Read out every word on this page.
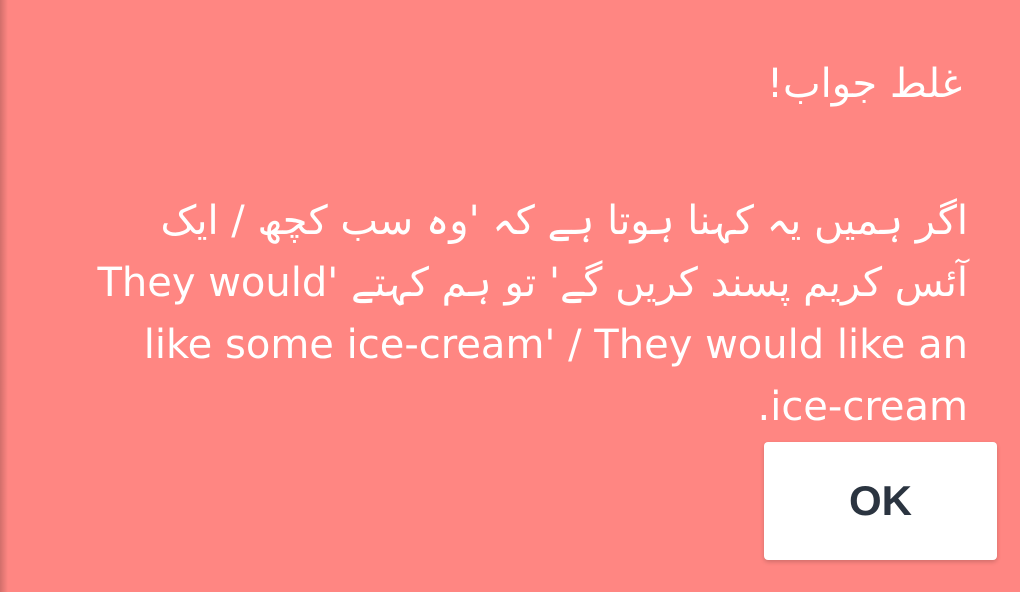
غلط جواب!
اگر ہمیں یہ کہنا ہوتا ہے کہ 'وہ سب کچھ / ایک آئس کریم پسند کریں گے' تو ہم کہتے 'They would like some ice-cream' / They would like an ice-cream.
OK
